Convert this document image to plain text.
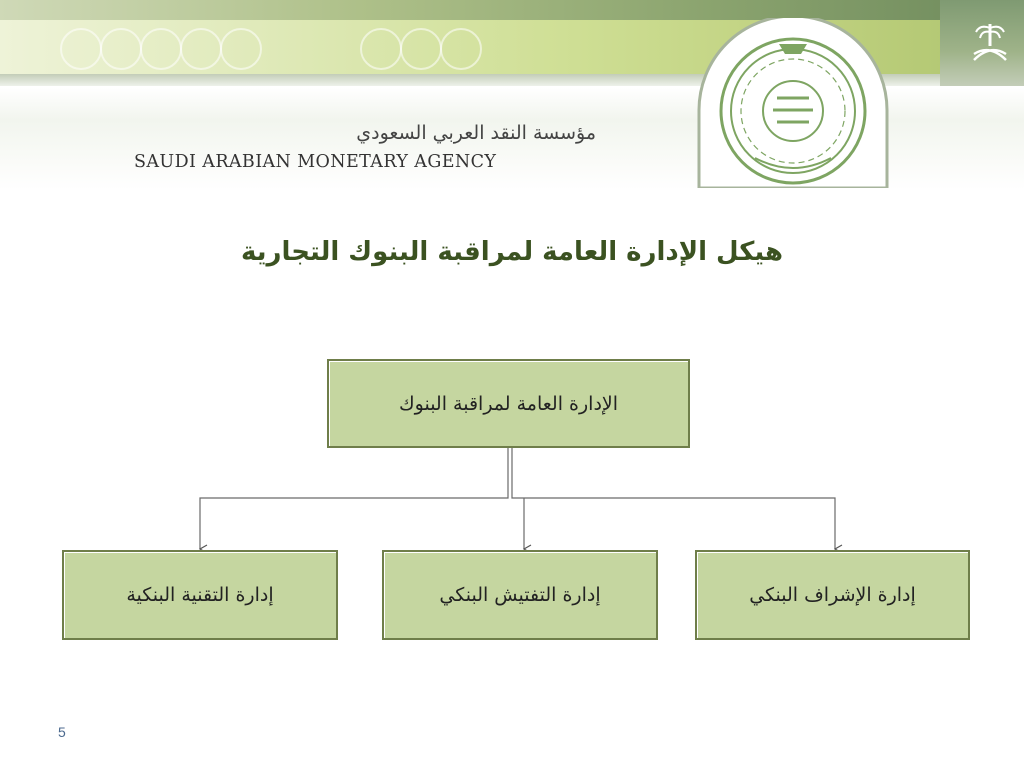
مؤسسة النقد العربي السعودي
SAUDI ARABIAN MONETARY AGENCY
هيكل الإدارة العامة لمراقبة البنوك التجارية
الإدارة العامة لمراقبة البنوك
إدارة الإشراف البنكي
إدارة التفتيش البنكي
إدارة التقنية البنكية
5
